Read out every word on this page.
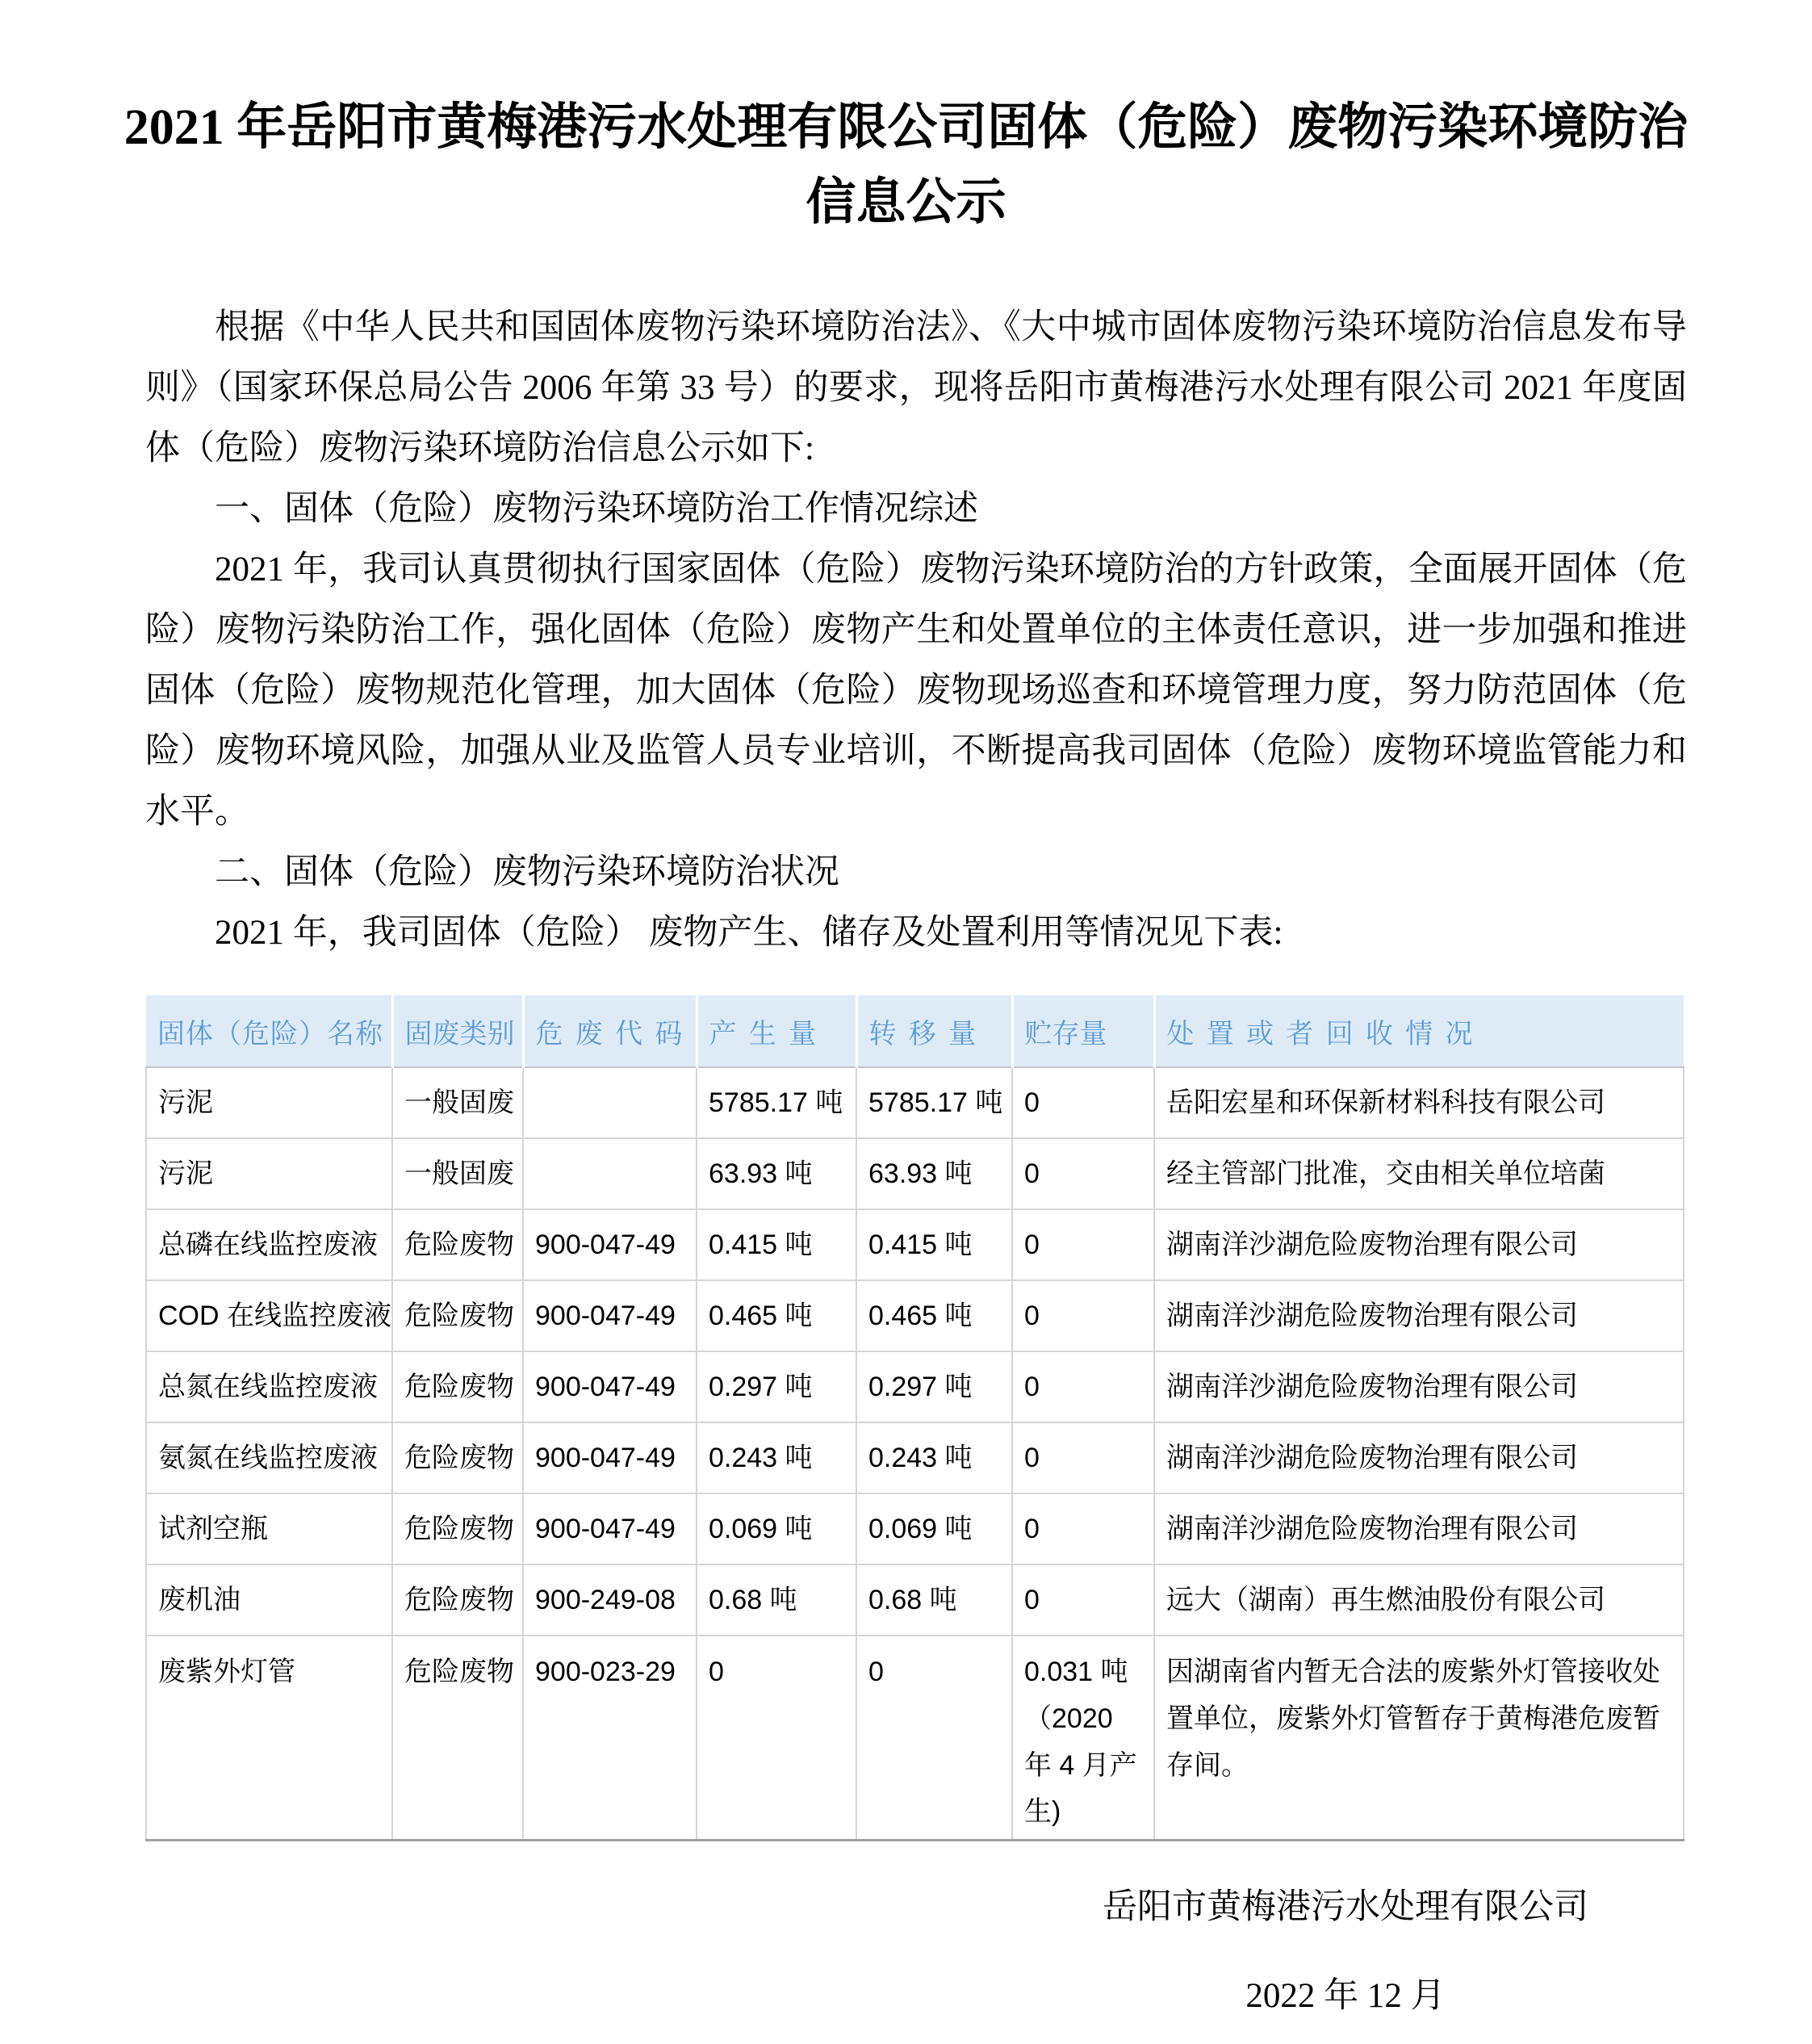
2021 年岳阳市黄梅港污水处理有限公司固体（危险）废物污染环境防治
信息公示

根据《中华人民共和国固体废物污染环境防治法》、《大中城市固体废物污染环境防治信息发布导则》（国家环保总局公告 2006 年第 33 号）的要求，现将岳阳市黄梅港污水处理有限公司 2021 年度固体（危险）废物污染环境防治信息公示如下:

一、固体（危险）废物污染环境防治工作情况综述

2021 年，我司认真贯彻执行国家固体（危险）废物污染环境防治的方针政策，全面展开固体（危险）废物污染防治工作，强化固体（危险）废物产生和处置单位的主体责任意识，进一步加强和推进固体（危险）废物规范化管理，加大固体（危险）废物现场巡查和环境管理力度，努力防范固体（危险）废物环境风险，加强从业及监管人员专业培训，不断提高我司固体（危险）废物环境监管能力和水平。

二、固体（危险）废物污染环境防治状况

2021 年，我司固体（危险） 废物产生、储存及处置利用等情况见下表:

固体（危险）名称	固废类别	危废代码	产生量	转移量	贮存量	处置或者回收情况
污泥	一般固废		5785.17 吨	5785.17 吨	0	岳阳宏星和环保新材料科技有限公司
污泥	一般固废		63.93 吨	63.93 吨	0	经主管部门批准，交由相关单位培菌
总磷在线监控废液	危险废物	900-047-49	0.415 吨	0.415 吨	0	湖南洋沙湖危险废物治理有限公司
COD 在线监控废液	危险废物	900-047-49	0.465 吨	0.465 吨	0	湖南洋沙湖危险废物治理有限公司
总氮在线监控废液	危险废物	900-047-49	0.297 吨	0.297 吨	0	湖南洋沙湖危险废物治理有限公司
氨氮在线监控废液	危险废物	900-047-49	0.243 吨	0.243 吨	0	湖南洋沙湖危险废物治理有限公司
试剂空瓶	危险废物	900-047-49	0.069 吨	0.069 吨	0	湖南洋沙湖危险废物治理有限公司
废机油	危险废物	900-249-08	0.68 吨	0.68 吨	0	远大（湖南）再生燃油股份有限公司
废紫外灯管	危险废物	900-023-29	0	0	0.031 吨（2020 年 4 月产生)	因湖南省内暂无合法的废紫外灯管接收处置单位，废紫外灯管暂存于黄梅港危废暂存间。
岳阳市黄梅港污水处理有限公司
2022 年 12 月
